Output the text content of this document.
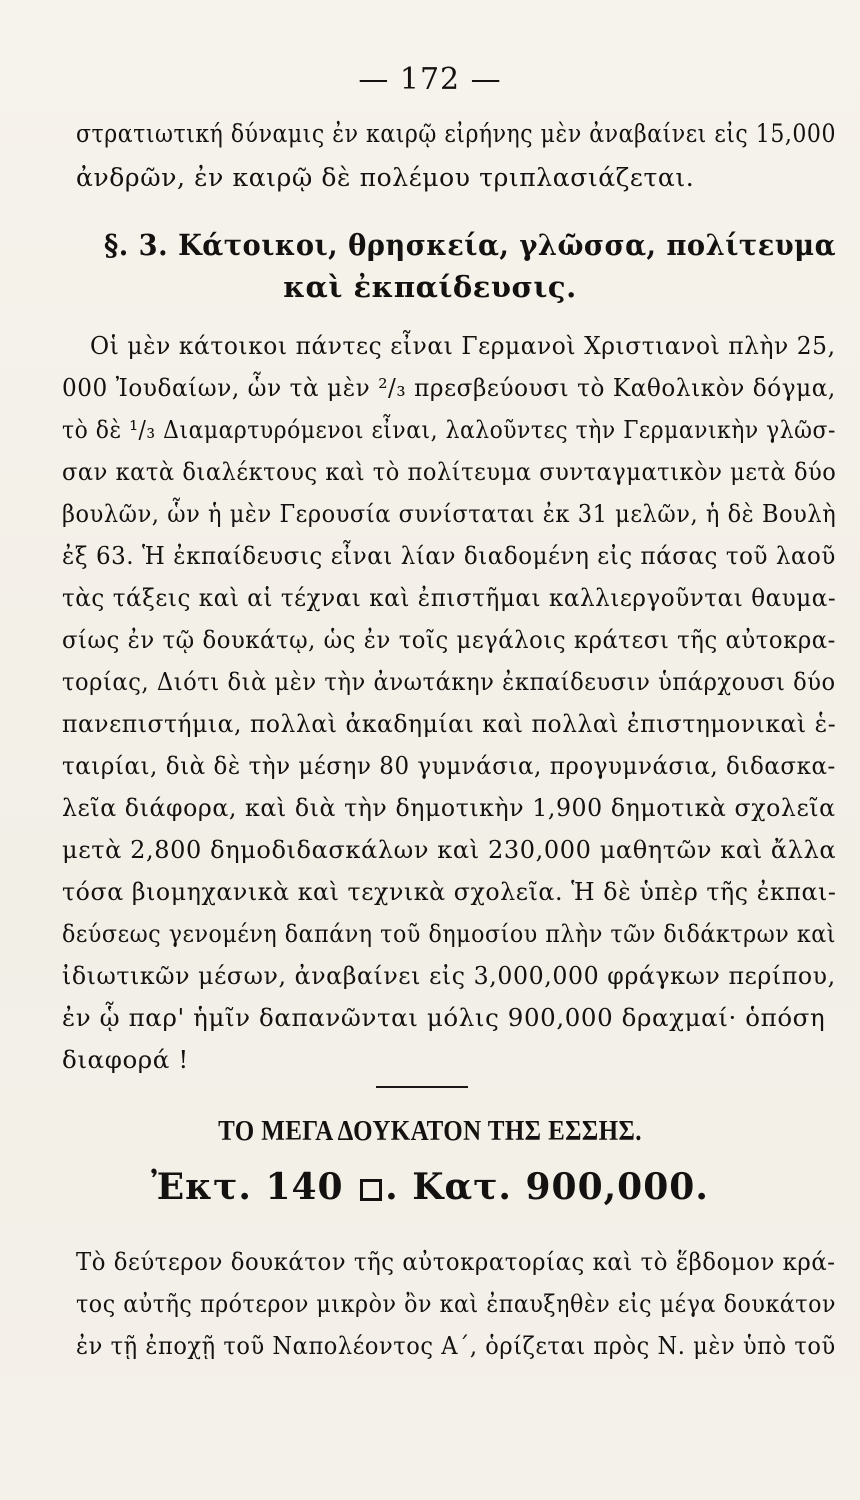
— 172 —
στρατιωτική δύναμις ἐν καιρῷ εἰρήνης μὲν ἀναβαίνει εἰς 15,000
ἀνδρῶν, ἐν καιρῷ δὲ πολέμου τριπλασιάζεται.
§. 3. Κάτοικοι, θρησκεία, γλῶσσα, πολίτευμα
καὶ ἐκπαίδευσις.
Οἱ μὲν κάτοικοι πάντες εἶναι Γερμανοὶ Χριστιανοὶ πλὴν 25,
000 Ἰουδαίων, ὧν τὰ μὲν ²/₃ πρεσβεύουσι τὸ Καθολικὸν δόγμα,
τὸ δὲ ¹/₃ Διαμαρτυρόμενοι εἶναι, λαλοῦντες τὴν Γερμανικὴν γλῶσ-
σαν κατὰ διαλέκτους καὶ τὸ πολίτευμα συνταγματικὸν μετὰ δύο
βουλῶν, ὧν ἡ μὲν Γερουσία συνίσταται ἐκ 31 μελῶν, ἡ δὲ Βουλὴ
ἐξ 63. Ἡ ἐκπαίδευσις εἶναι λίαν διαδομένη εἰς πάσας τοῦ λαοῦ
τὰς τάξεις καὶ αἱ τέχναι καὶ ἐπιστῆμαι καλλιεργοῦνται θαυμα-
σίως ἐν τῷ δουκάτῳ, ὡς ἐν τοῖς μεγάλοις κράτεσι τῆς αὐτοκρα-
τορίας, Διότι διὰ μὲν τὴν ἀνωτάκην ἐκπαίδευσιν ὑπάρχουσι δύο
πανεπιστήμια, πολλαὶ ἀκαδημίαι καὶ πολλαὶ ἐπιστημονικαὶ ἑ-
ταιρίαι, διὰ δὲ τὴν μέσην 80 γυμνάσια, προγυμνάσια, διδασκα-
λεῖα διάφορα, καὶ διὰ τὴν δημοτικὴν 1,900 δημοτικὰ σχολεῖα
μετὰ 2,800 δημοδιδασκάλων καὶ 230,000 μαθητῶν καὶ ἄλλα
τόσα βιομηχανικὰ καὶ τεχνικὰ σχολεῖα. Ἡ δὲ ὑπὲρ τῆς ἐκπαι-
δεύσεως γενομένη δαπάνη τοῦ δημοσίου πλὴν τῶν διδάκτρων καὶ
ἰδιωτικῶν μέσων, ἀναβαίνει εἰς 3,000,000 φράγκων περίπου,
ἐν ᾧ παρ' ἡμῖν δαπανῶνται μόλις 900,000 δραχμαί· ὁπόση
διαφορά !
ΤΟ ΜΕΓΑ ΔΟΥΚΑΤΟΝ ΤΗΣ ΕΣΣΗΣ.
Ἐκτ. 140 . Κατ. 900,000.
Τὸ δεύτερον δουκάτον τῆς αὐτοκρατορίας καὶ τὸ ἕβδομον κρά-
τος αὐτῆς πρότερον μικρὸν ὂν καὶ ἐπαυξηθὲν εἰς μέγα δουκάτον
ἐν τῇ ἐποχῇ τοῦ Ναπολέοντος Α΄, ὁρίζεται πρὸς Ν. μὲν ὑπὸ τοῦ
